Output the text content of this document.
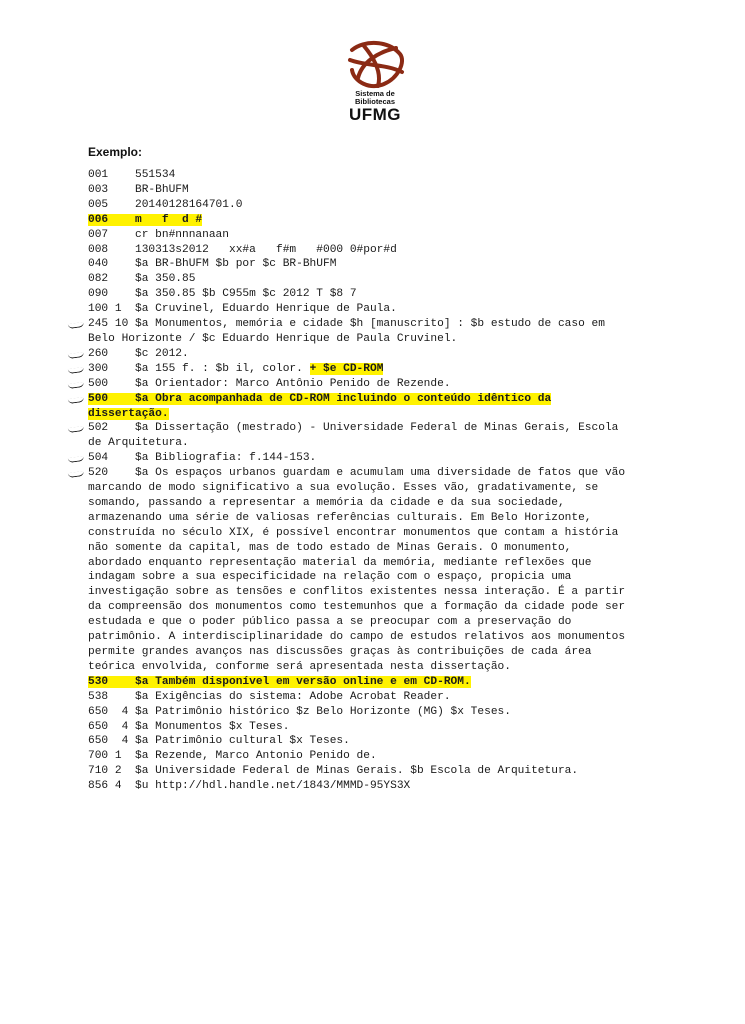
Sistema de
Bibliotecas
UFMG
Exemplo:
001    551534
003    BR-BhUFM
005    20140128164701.0
006    m   f  d #
007    cr bn#nnnanaan
008    130313s2012   xx#a   f#m   #000 0#por#d
040    $a BR-BhUFM $b por $c BR-BhUFM
082    $a 350.85
090    $a 350.85 $b C955m $c 2012 T $8 7
100 1  $a Cruvinel, Eduardo Henrique de Paula.
245 10 $a Monumentos, memória e cidade $h [manuscrito] : $b estudo de caso em
Belo Horizonte / $c Eduardo Henrique de Paula Cruvinel.
260    $c 2012.
300    $a 155 f. : $b il, color. + $e CD-ROM
500    $a Orientador: Marco Antônio Penido de Rezende.
500    $a Obra acompanhada de CD-ROM incluindo o conteúdo idêntico da
dissertação.
502    $a Dissertação (mestrado) - Universidade Federal de Minas Gerais, Escola
de Arquitetura.
504    $a Bibliografia: f.144-153.
520    $a Os espaços urbanos guardam e acumulam uma diversidade de fatos que vão
marcando de modo significativo a sua evolução. Esses vão, gradativamente, se
somando, passando a representar a memória da cidade e da sua sociedade,
armazenando uma série de valiosas referências culturais. Em Belo Horizonte,
construída no século XIX, é possível encontrar monumentos que contam a história
não somente da capital, mas de todo estado de Minas Gerais. O monumento,
abordado enquanto representação material da memória, mediante reflexões que
indagam sobre a sua especificidade na relação com o espaço, propicia uma
investigação sobre as tensões e conflitos existentes nessa interação. É a partir
da compreensão dos monumentos como testemunhos que a formação da cidade pode ser
estudada e que o poder público passa a se preocupar com a preservação do
patrimônio. A interdisciplinaridade do campo de estudos relativos aos monumentos
permite grandes avanços nas discussões graças às contribuições de cada área
teórica envolvida, conforme será apresentada nesta dissertação.
530    $a Também disponível em versão online e em CD-ROM.
538    $a Exigências do sistema: Adobe Acrobat Reader.
650  4 $a Patrimônio histórico $z Belo Horizonte (MG) $x Teses.
650  4 $a Monumentos $x Teses.
650  4 $a Patrimônio cultural $x Teses.
700 1  $a Rezende, Marco Antonio Penido de.
710 2  $a Universidade Federal de Minas Gerais. $b Escola de Arquitetura.
856 4  $u http://hdl.handle.net/1843/MMMD-95YS3X
